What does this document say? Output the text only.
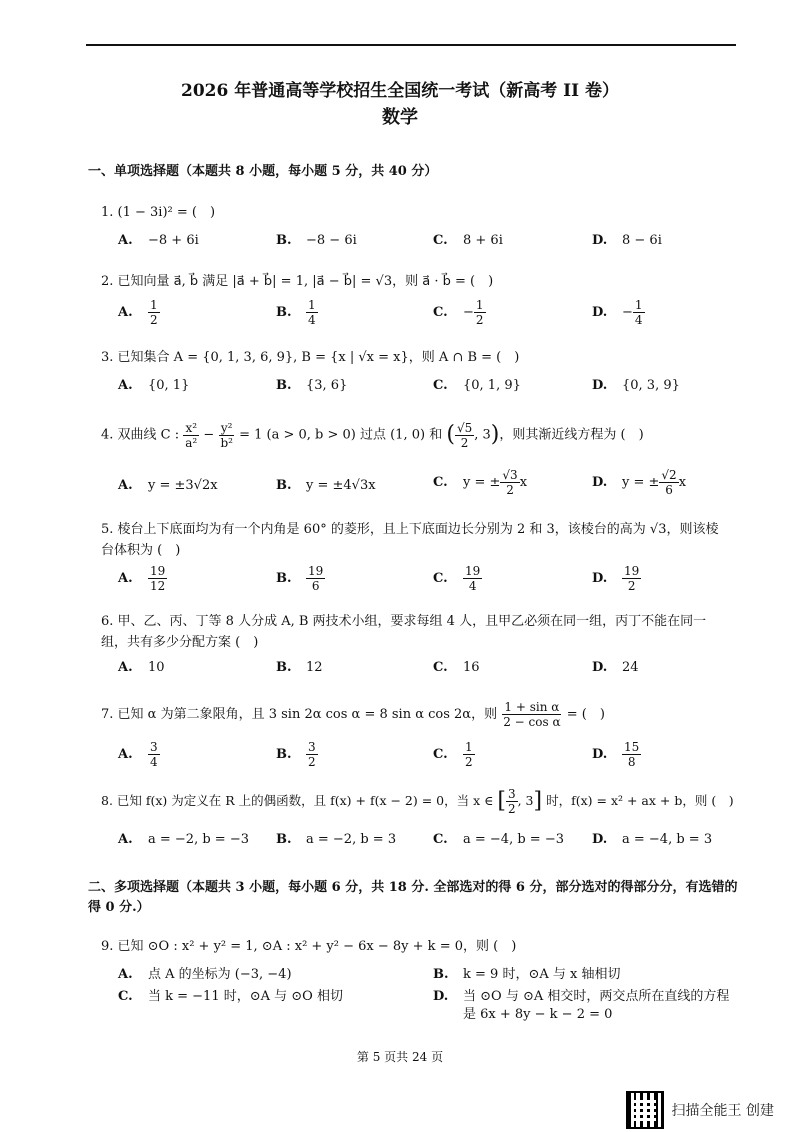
2026 年普通高等学校招生全国统一考试（新高考 II 卷）
数学
一、单项选择题（本题共 8 小题，每小题 5 分，共 40 分）
1. (1 − 3i)² = (　)
A. −8 + 6i	B. −8 − 6i	C. 8 + 6i	D. 8 − 6i
2. 已知向量 a⃗, b⃗ 满足 |a⃗ + b⃗| = 1, |a⃗ − b⃗| = √3，则 a⃗ · b⃗ = (　)
A. $\frac{1}{2}$	B. $\frac{1}{4}$	C. − $\frac{1}{2}$	D. − $\frac{1}{4}$
3. 已知集合 A = {0, 1, 3, 6, 9}, B = {x | √x = x}，则 A ∩ B = (　)
A. {0, 1}	B. {3, 6}	C. {0, 1, 9}	D. {0, 3, 9}
4. 双曲线 C : $\frac{\text{x²}}{\text{a²}} - \frac{\text{y²}}{\text{b²}} = 1$ (a > 0, b > 0) 过点 (1, 0) 和 ( $\frac{√5}{2}$ , 3)，则其渐近线方程为 (　)
A. y = ±3√2x	B. y = ±4√3x	C. y = ± $\frac{√3}{2}$ x	D. y = ± $\frac{√2}{6}$ x
5. 棱台上下底面均为有一个内角是 60° 的菱形，且上下底面边长分别为 2 和 3，该棱台的高为 √3，则该棱台体积为 (　)
A. $\frac{19}{12}$	B. $\frac{19}{6}$	C. $\frac{19}{4}$	D. $\frac{19}{2}$
6. 甲、乙、丙、丁等 8 人分成 A, B 两技术小组，要求每组 4 人，且甲乙必须在同一组，丙丁不能在同一组，共有多少分配方案 (　)
A. 10	B. 12	C. 16	D. 24
7. 已知 α 为第二象限角，且 3 sin 2α cos α = 8 sin α cos 2α，则 $\frac{\text{1 + sin α}}{\text{2 − cos α}}$ = (　)
A. $\frac{3}{4}$	B. $\frac{3}{2}$	C. $\frac{1}{2}$	D. $\frac{15}{8}$
8. 已知 f(x) 为定义在 R 上的偶函数，且 f(x) + f(x − 2) = 0，当 x ∈ [ $\frac{3}{2}$ , 3] 时，f(x) = x² + ax + b，则 (　)
A. a = −2, b = −3 B. a = −2, b = 3	C. a = −4, b = −3 D. a = −4, b = 3
二、多项选择题（本题共 3 小题，每小题 6 分，共 18 分. 全部选对的得 6 分，部分选对的得部分分，有选错的得 0 分.）
9. 已知 ⊙O : x² + y² = 1, ⊙A : x² + y² − 6x − 8y + k = 0，则 (　)
A. 点 A 的坐标为 (−3, −4)	B. k = 9 时，⊙A 与 x 轴相切
C. 当 k = −11 时，⊙A 与 ⊙O 相切	D.	当 ⊙O 与 ⊙A 相交时，两交点所在直线的方程是 6x + 8y − k − 2 = 0
第 5 页共 24 页
扫描全能王 创建
